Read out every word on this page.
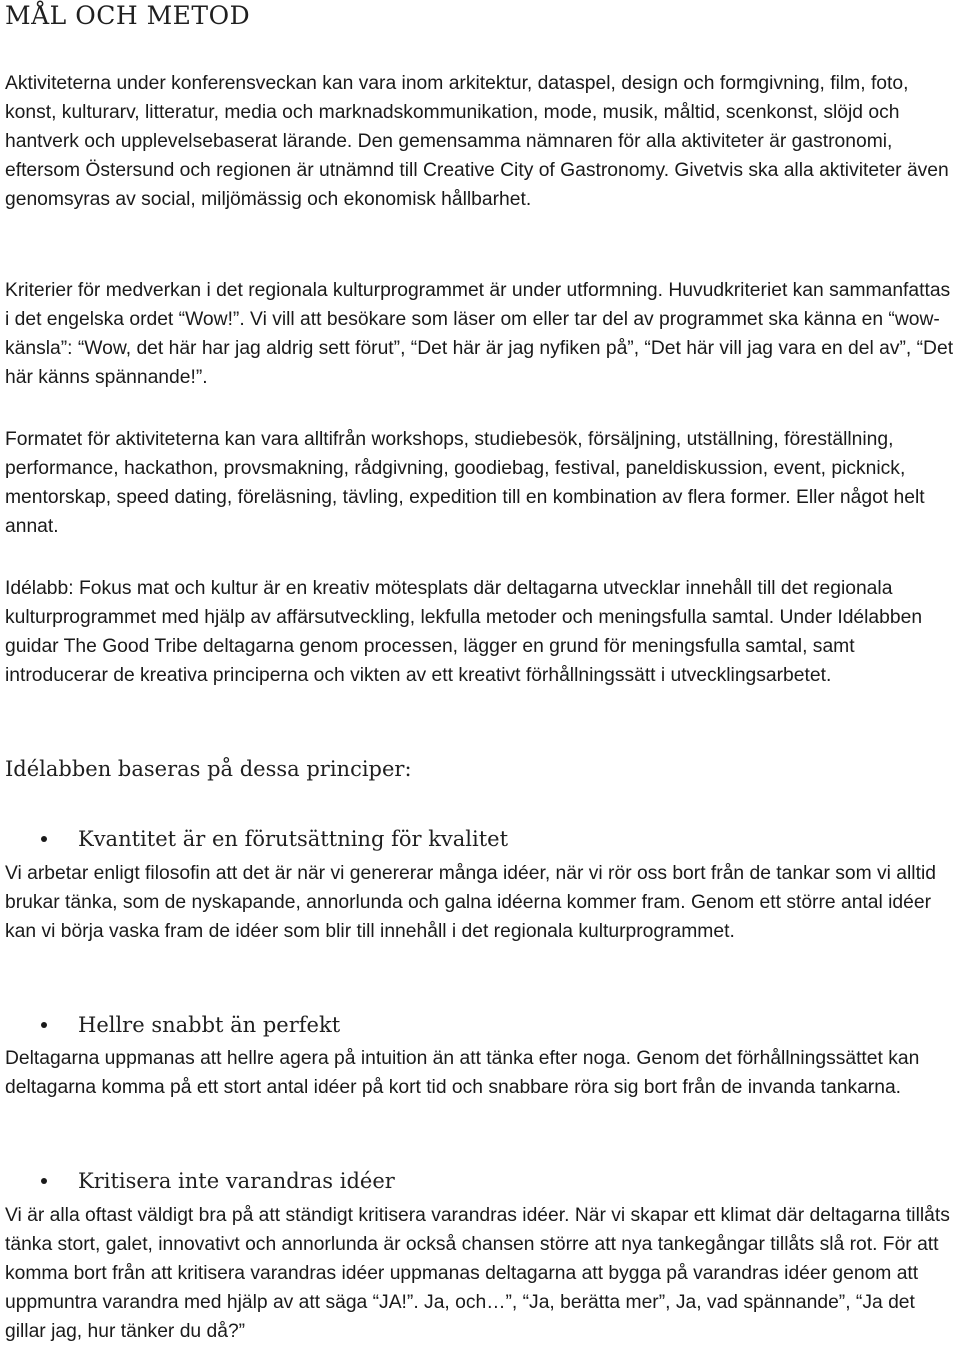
MÅL OCH METOD

Aktiviteterna under konferensveckan kan vara inom arkitektur, dataspel, design och formgivning, film, foto, konst, kulturarv, litteratur, media och marknadskommunikation, mode, musik, måltid, scenkonst, slöjd och hantverk och upplevelsebaserat lärande. Den gemensamma nämnaren för alla aktiviteter är gastronomi, eftersom Östersund och regionen är utnämnd till Creative City of Gastronomy. Givetvis ska alla aktiviteter även genomsyras av social, miljömässig och ekonomisk hållbarhet.

Kriterier för medverkan i det regionala kulturprogrammet är under utformning. Huvudkriteriet kan sammanfattas i det engelska ordet “Wow!”. Vi vill att besökare som läser om eller tar del av programmet ska känna en “wow-känsla”: “Wow, det här har jag aldrig sett förut”, “Det här är jag nyfiken på”, “Det här vill jag vara en del av”, “Det här känns spännande!”.

Formatet för aktiviteterna kan vara alltifrån workshops, studiebesök, försäljning, utställning, föreställning, performance, hackathon, provsmakning, rådgivning, goodiebag, festival, paneldiskussion, event, picknick, mentorskap, speed dating, föreläsning, tävling, expedition till en kombination av flera former. Eller något helt annat.

Idélabb: Fokus mat och kultur är en kreativ mötesplats där deltagarna utvecklar innehåll till det regionala kulturprogrammet med hjälp av affärsutveckling, lekfulla metoder och meningsfulla samtal. Under Idélabben guidar The Good Tribe deltagarna genom processen, lägger en grund för meningsfulla samtal, samt introducerar de kreativa principerna och vikten av ett kreativt förhållningssätt i utvecklingsarbetet.

Idélabben baseras på dessa principer:
Kvantitet är en förutsättning för kvalitet

Vi arbetar enligt filosofin att det är när vi genererar många idéer, när vi rör oss bort från de tankar som vi alltid brukar tänka, som de nyskapande, annorlunda och galna idéerna kommer fram. Genom ett större antal idéer kan vi börja vaska fram de idéer som blir till innehåll i det regionala kulturprogrammet.

Hellre snabbt än perfekt

Deltagarna uppmanas att hellre agera på intuition än att tänka efter noga. Genom det förhållningssättet kan deltagarna komma på ett stort antal idéer på kort tid och snabbare röra sig bort från de invanda tankarna.

Kritisera inte varandras idéer

Vi är alla oftast väldigt bra på att ständigt kritisera varandras idéer. När vi skapar ett klimat där deltagarna tillåts tänka stort, galet, innovativt och annorlunda är också chansen större att nya tankegångar tillåts slå rot. För att komma bort från att kritisera varandras idéer uppmanas deltagarna att bygga på varandras idéer genom att uppmuntra varandra med hjälp av att säga “JA!”. Ja, och…”, “Ja, berätta mer”, Ja, vad spännande”, “Ja det gillar jag, hur tänker du då?”
